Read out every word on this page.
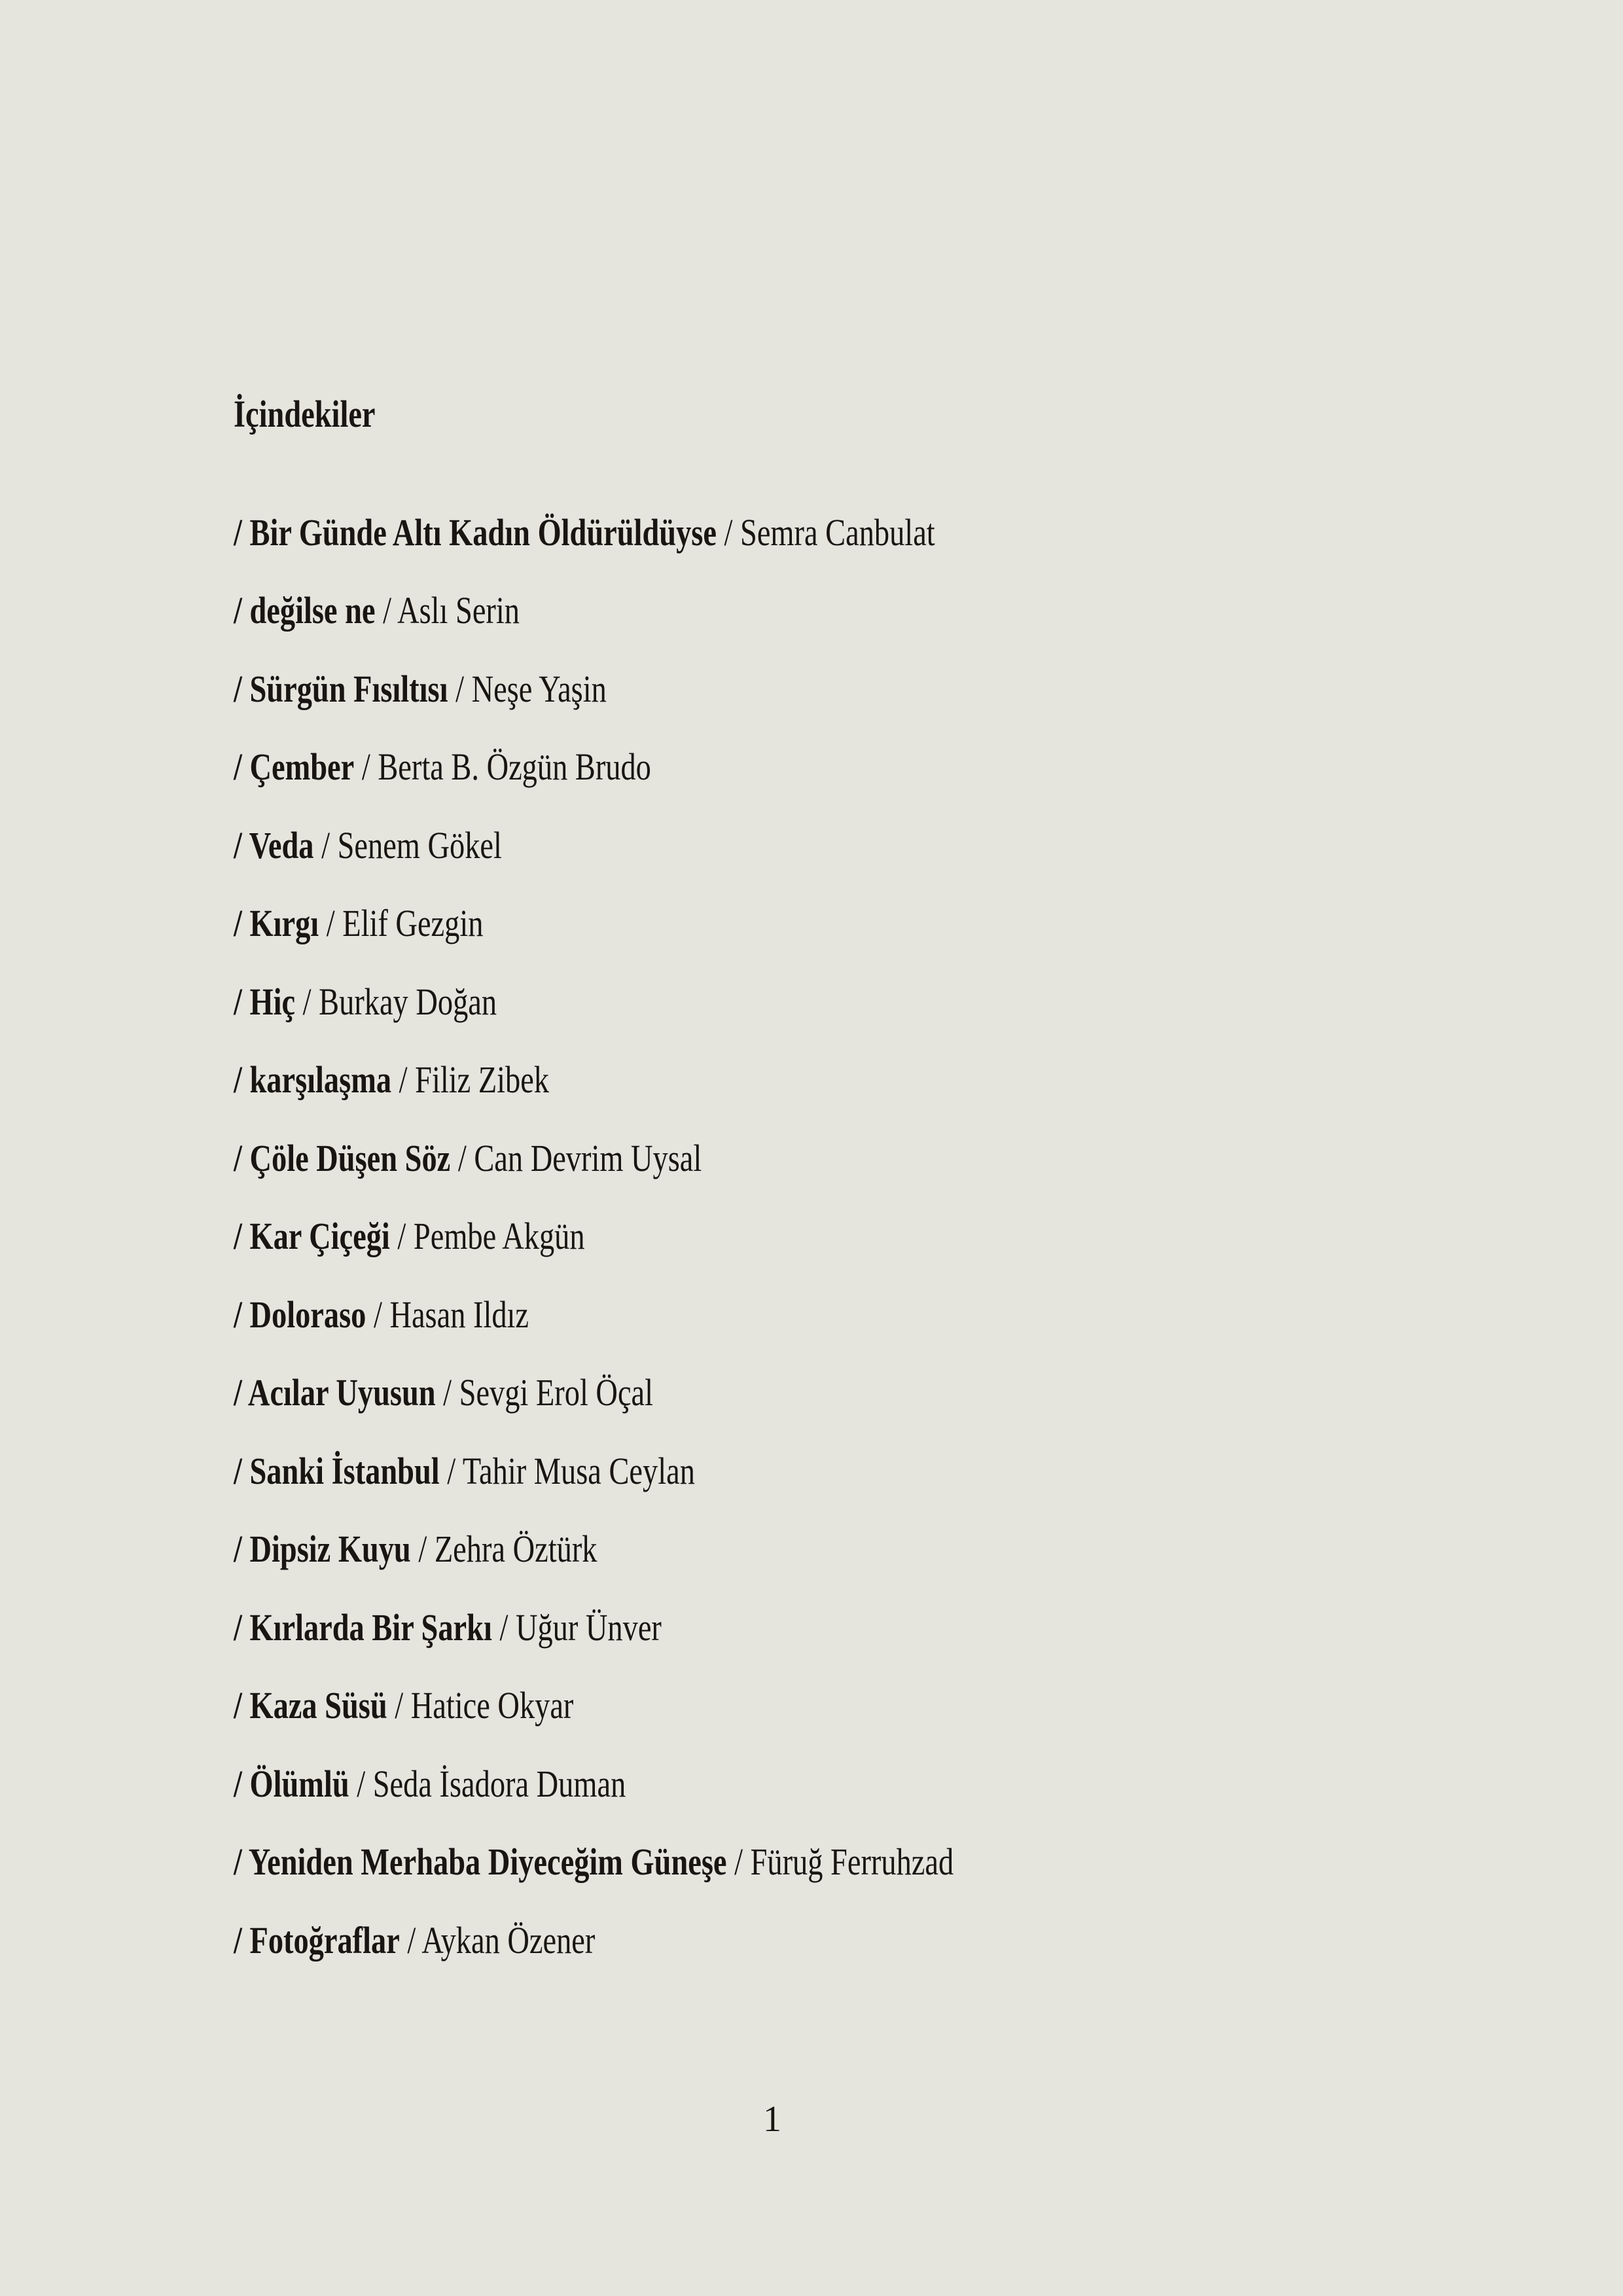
İçindekiler
/ Bir Günde Altı Kadın Öldürüldüyse / Semra Canbulat
/ değilse ne / Aslı Serin
/ Sürgün Fısıltısı / Neşe Yaşin
/ Çember / Berta B. Özgün Brudo
/ Veda / Senem Gökel
/ Kırgı / Elif Gezgin
/ Hiç / Burkay Doğan
/ karşılaşma / Filiz Zibek
/ Çöle Düşen Söz / Can Devrim Uysal
/ Kar Çiçeği / Pembe Akgün
/ Doloraso / Hasan Ildız
/ Acılar Uyusun / Sevgi Erol Öçal
/ Sanki İstanbul / Tahir Musa Ceylan
/ Dipsiz Kuyu / Zehra Öztürk
/ Kırlarda Bir Şarkı / Uğur Ünver
/ Kaza Süsü / Hatice Okyar
/ Ölümlü / Seda İsadora Duman
/ Yeniden Merhaba Diyeceğim Güneşe / Füruğ Ferruhzad
/ Fotoğraflar / Aykan Özener
1
